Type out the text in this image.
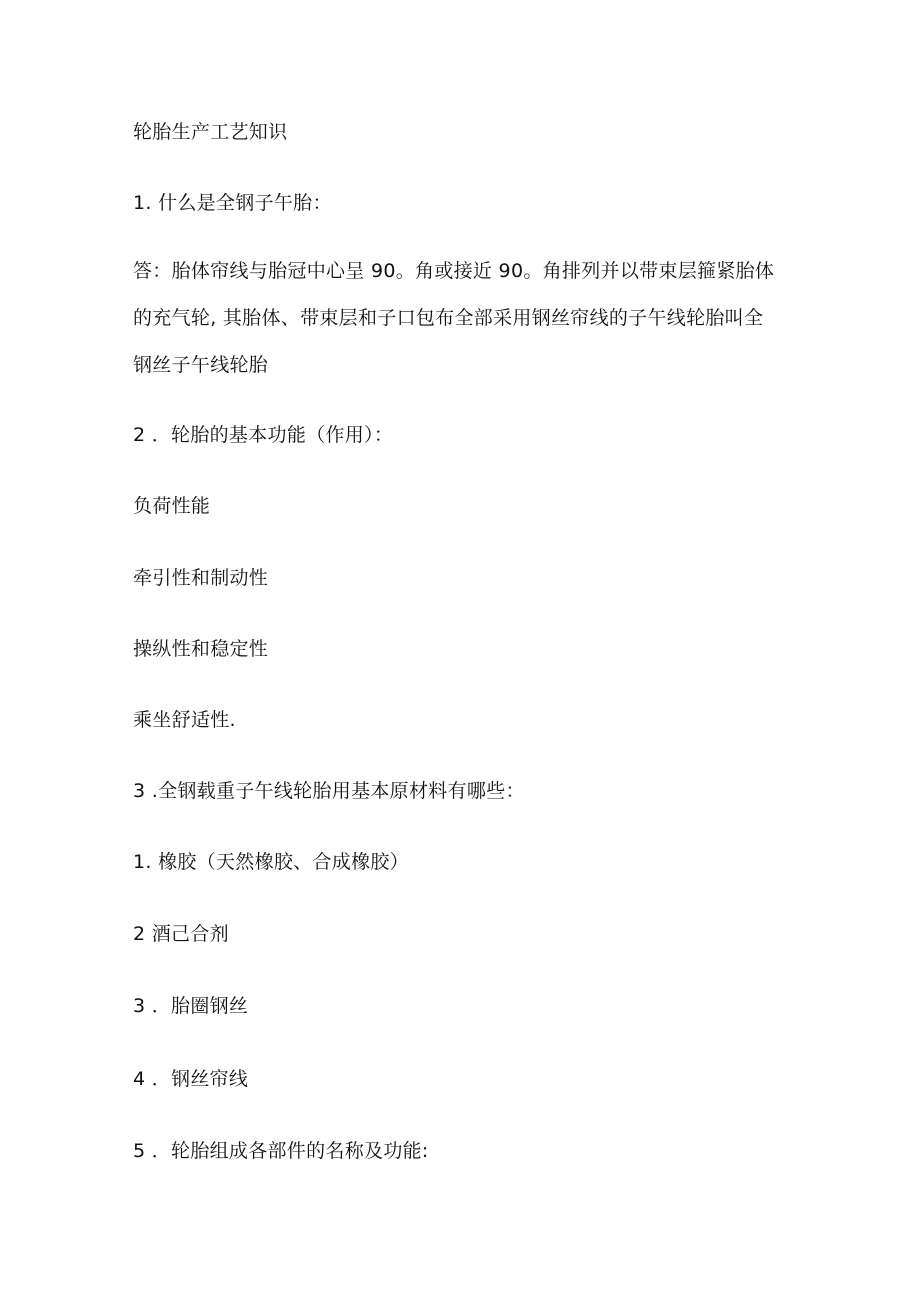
轮胎生产工艺知识
1. 什么是全钢子午胎：
答：胎体帘线与胎冠中心呈 90。角或接近 90。角排列并以带束层箍紧胎体
的充气轮, 其胎体、带束层和子口包布全部采用钢丝帘线的子午线轮胎叫全
钢丝子午线轮胎
2 ．轮胎的基本功能（作用）：
负荷性能
牵引性和制动性
操纵性和稳定性
乘坐舒适性.
3 .全钢载重子午线轮胎用基本原材料有哪些：
1. 橡胶（天然橡胶、合成橡胶）
2 酒己合剂
3 ．胎圈钢丝
4 ．钢丝帘线
5 ．轮胎组成各部件的名称及功能:
